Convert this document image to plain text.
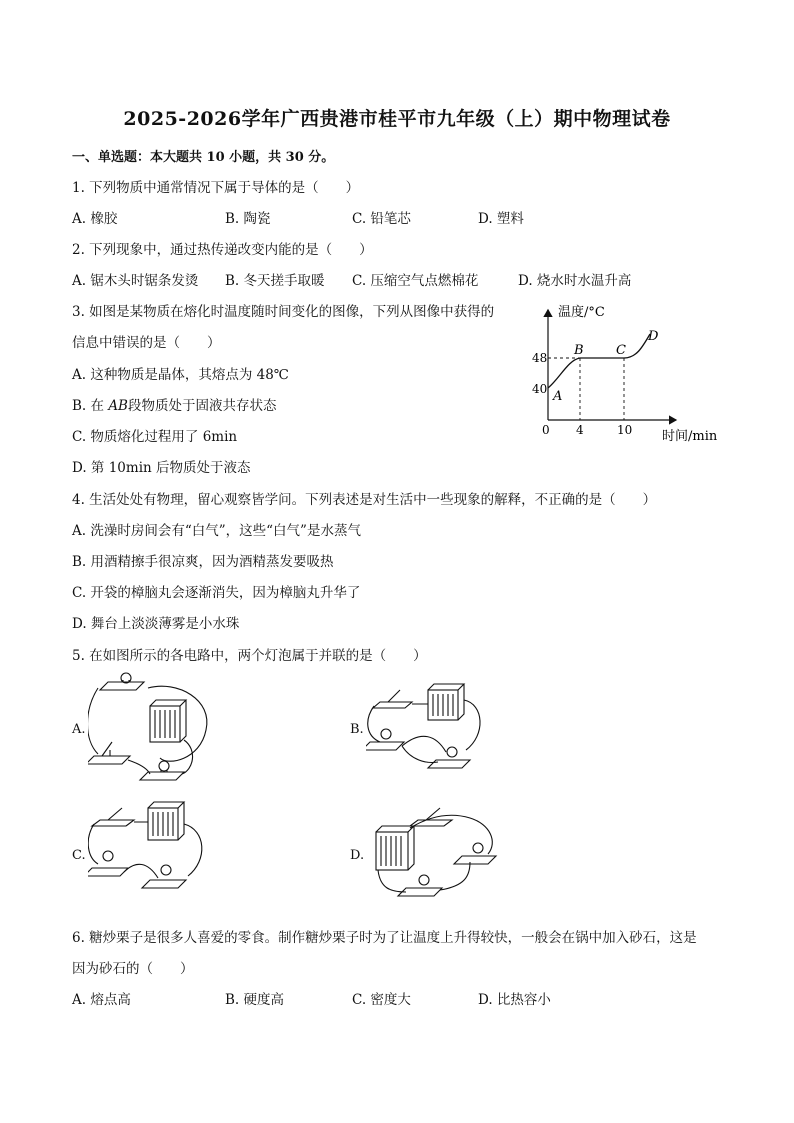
2025-2026学年广西贵港市桂平市九年级（上）期中物理试卷
一、单选题：本大题共 10 小题，共 30 分。
1. 下列物质中通常情况下属于导体的是（　　）
A. 橡胶	B. 陶瓷	C. 铅笔芯	D. 塑料
2. 下列现象中，通过热传递改变内能的是（　　）
A. 锯木头时锯条发烫 B. 冬天搓手取暖 C. 压缩空气点燃棉花	D. 烧水时水温升高
3. 如图是某物质在熔化时温度随时间变化的图像，下列从图像中获得的
信息中错误的是（　　）
A. 这种物质是晶体，其熔点为 48℃
B. 在 AB段物质处于固液共存状态
C. 物质熔化过程用了 6min
D. 第 10min 后物质处于液态
温度/°C
时间/min
48
40
0 4	10
A
B C
D
4. 生活处处有物理，留心观察皆学问。下列表述是对生活中一些现象的解释，不正确的是（　　）
A. 洗澡时房间会有“白气”，这些“白气”是水蒸气
B. 用酒精擦手很凉爽，因为酒精蒸发要吸热
C. 开袋的樟脑丸会逐渐消失，因为樟脑丸升华了
D. 舞台上淡淡薄雾是小水珠
5. 在如图所示的各电路中，两个灯泡属于并联的是（　　）
A.	B.
C.	D.
6. 糖炒栗子是很多人喜爱的零食。制作糖炒栗子时为了让温度上升得较快，一般会在锅中加入砂石，这是
因为砂石的（　　）
A. 熔点高	B. 硬度高	C. 密度大	D. 比热容小
